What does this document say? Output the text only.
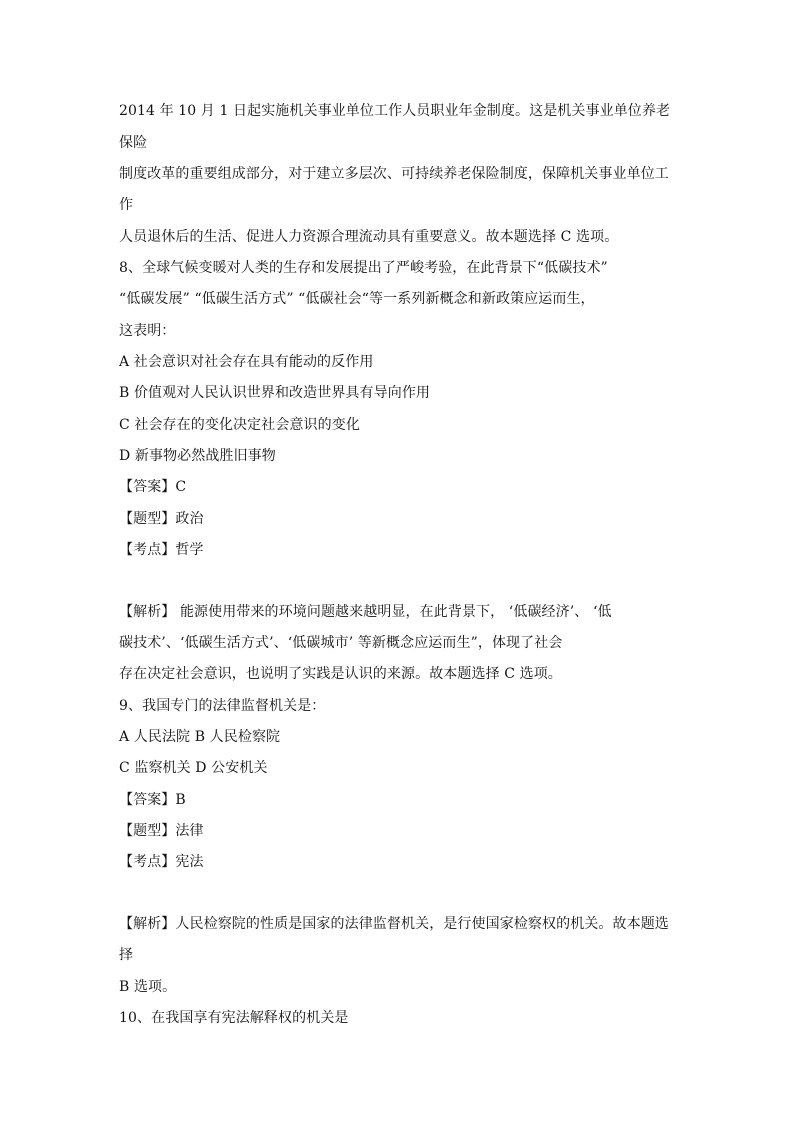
2014 年 10 月 1 日起实施机关事业单位工作人员职业年金制度。这是机关事业单位养老
保险
制度改革的重要组成部分，对于建立多层次、可持续养老保险制度，保障机关事业单位工
作
人员退休后的生活、促进人力资源合理流动具有重要意义。故本题选择 C 选项。
8、全球气候变暖对人类的生存和发展提出了严峻考验，在此背景下“低碳技术”
“低碳发展” “低碳生活方式” “低碳社会“等一系列新概念和新政策应运而生，
这表明：
A 社会意识对社会存在具有能动的反作用
B 价值观对人民认识世界和改造世界具有导向作用
C 社会存在的变化决定社会意识的变化
D 新事物必然战胜旧事物
【答案】C
【题型】政治
【考点】哲学
【解析】 能源使用带来的环境问题越来越明显，在此背景下， ‘低碳经济’、 ‘低
碳技术’、‘低碳生活方式’、‘低碳城市’ 等新概念应运而生”，体现了社会
存在决定社会意识，也说明了实践是认识的来源。故本题选择 C 选项。
9、我国专门的法律监督机关是：
A 人民法院 B 人民检察院
C 监察机关 D 公安机关
【答案】B
【题型】法律
【考点】宪法
【解析】人民检察院的性质是国家的法律监督机关，是行使国家检察权的机关。故本题选
择
B 选项。
10、在我国享有宪法解释权的机关是
